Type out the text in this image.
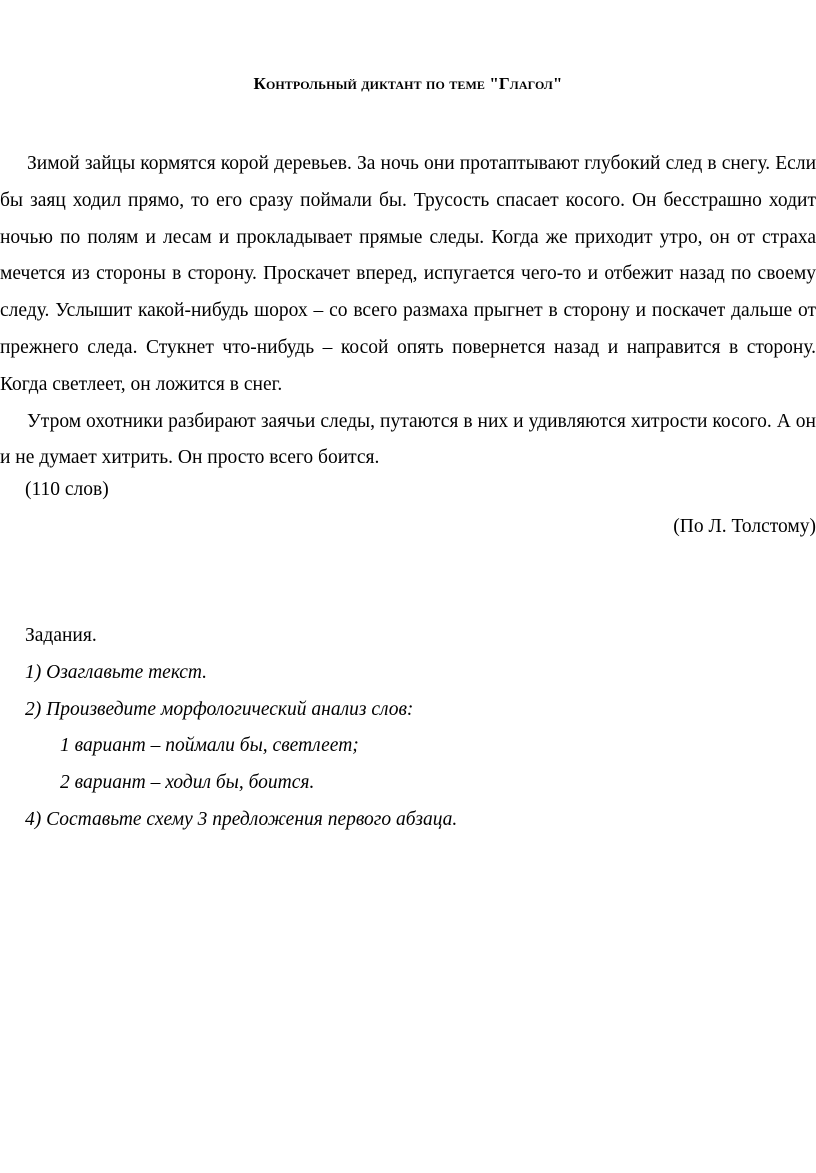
Контрольный диктант по теме "Глагол"

Зимой зайцы кормятся корой деревьев. За ночь они протаптывают глубокий след в снегу. Если бы заяц ходил прямо, то его сразу поймали бы. Трусость спасает косого. Он бесстрашно ходит ночью по полям и лесам и прокладывает прямые следы. Когда же приходит утро, он от страха мечется из стороны в сторону. Проскачет вперед, испугается чего-то и отбежит назад по своему следу. Услышит какой-нибудь шорох – со всего размаха прыгнет в сторону и поскачет дальше от прежнего следа. Стукнет что-нибудь – косой опять повернется назад и направится в сторону. Когда светлеет, он ложится в снег.

Утром охотники разбирают заячьи следы, путаются в них и удивляются хитрости косого. А он и не думает хитрить. Он просто всего боится.

(110 слов)
(По Л. Толстому)

Задания.

1) Озаглавьте текст.

2) Произведите морфологический анализ слов:

1 вариант – поймали бы, светлеет;

2 вариант – ходил бы, боится.

4) Составьте схему 3 предложения первого абзаца.
